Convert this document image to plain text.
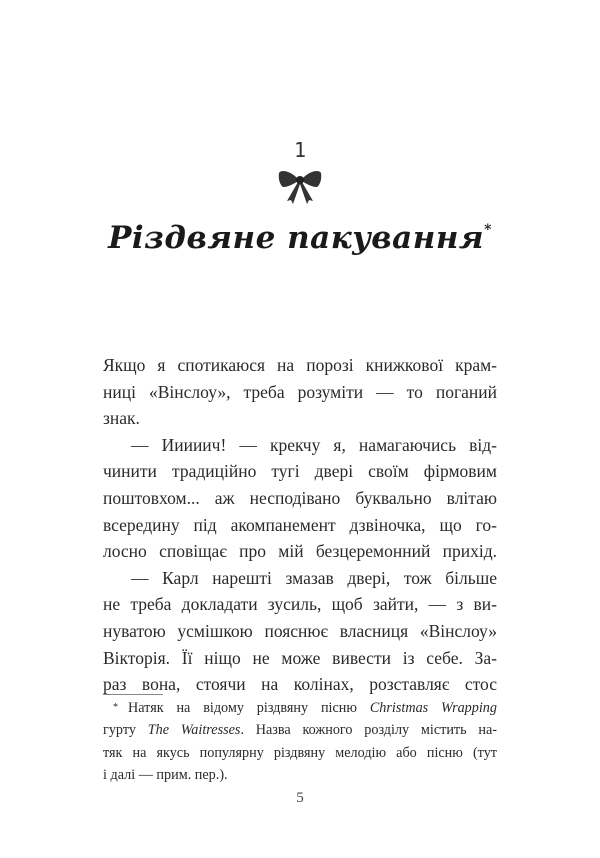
1
Різдвяне пакування*
Якщо я спотикаюся на порозі книжкової крам-
ниці «Вінслоу», треба розуміти — то поганий
знак.
— Ииииич! — крекчу я, намагаючись від-
чинити традиційно тугі двері своїм фірмовим
поштовхом... аж несподівано буквально влітаю
всередину під акомпанемент дзвіночка, що го-
лосно сповіщає про мій безцеремонний прихід.
— Карл нарешті змазав двері, тож більше
не треба докладати зусиль, щоб зайти, — з ви-
нуватою усмішкою пояснює власниця «Вінслоу»
Вікторія. Її ніщо не може вивести із себе. За-
раз вона, стоячи на колінах, розставляє стос
* Натяк на відому різдвяну пісню Christmas Wrapping
гурту The Waitresses. Назва кожного розділу містить на-
тяк на якусь популярну різдвяну мелодію або пісню (тут
і далі — прим. пер.).
5
